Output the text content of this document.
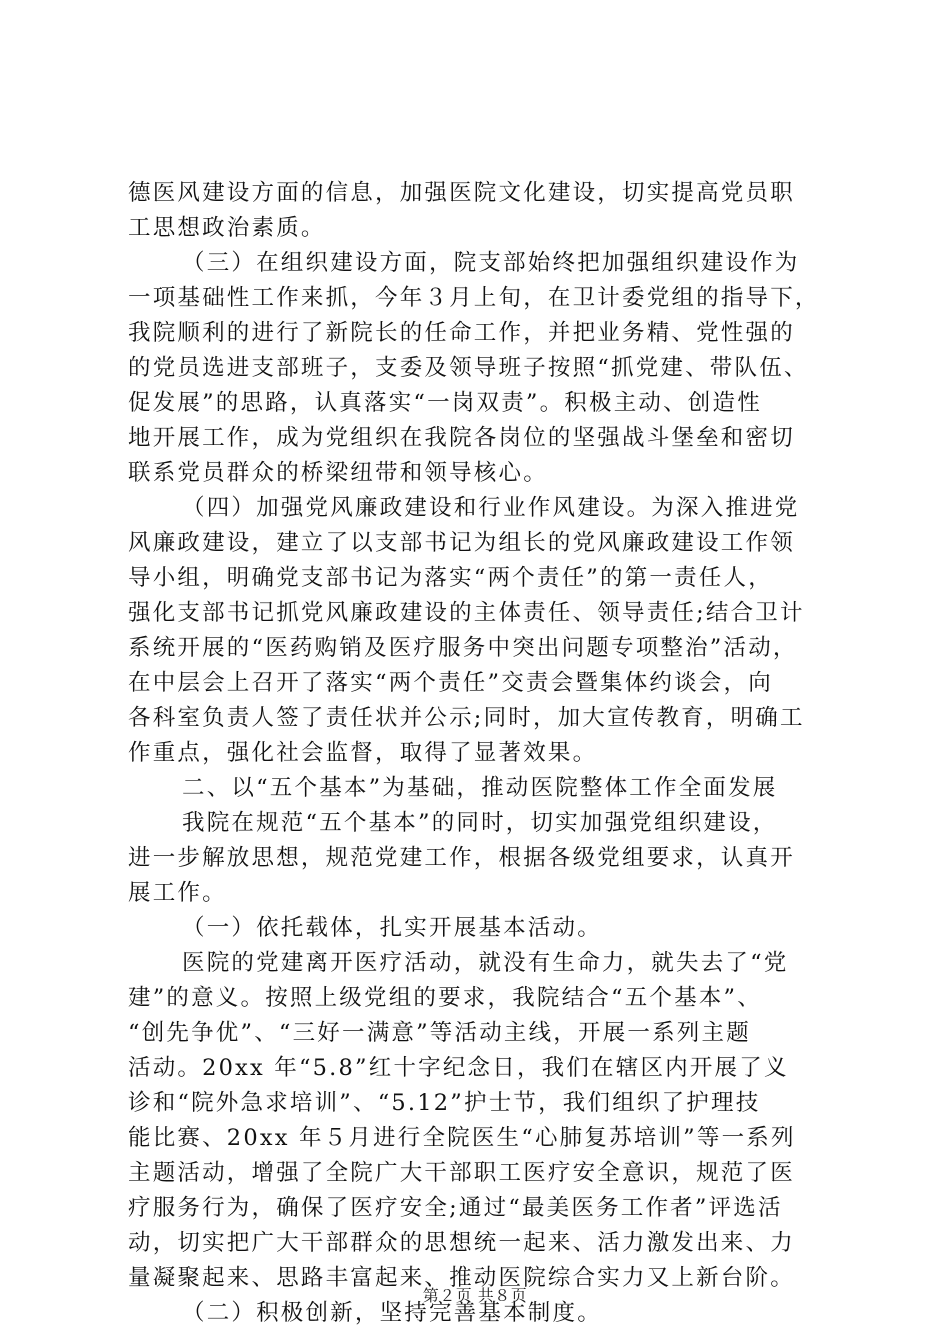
德医风建设方面的信息，加强医院文化建设，切实提高党员职
工思想政治素质。
（三）在组织建设方面，院支部始终把加强组织建设作为
一项基础性工作来抓，今年３月上旬，在卫计委党组的指导下，
我院顺利的进行了新院长的任命工作，并把业务精、党性强的
的党员选进支部班子，支委及领导班子按照“抓党建、带队伍、
促发展”的思路，认真落实“一岗双责”。积极主动、创造性
地开展工作，成为党组织在我院各岗位的坚强战斗堡垒和密切
联系党员群众的桥梁纽带和领导核心。
（四）加强党风廉政建设和行业作风建设。为深入推进党
风廉政建设，建立了以支部书记为组长的党风廉政建设工作领
导小组，明确党支部书记为落实“两个责任”的第一责任人，
强化支部书记抓党风廉政建设的主体责任、领导责任;结合卫计
系统开展的“医药购销及医疗服务中突出问题专项整治”活动，
在中层会上召开了落实“两个责任”交责会暨集体约谈会，向
各科室负责人签了责任状并公示;同时，加大宣传教育，明确工
作重点，强化社会监督，取得了显著效果。
二、以“五个基本”为基础，推动医院整体工作全面发展
我院在规范“五个基本”的同时，切实加强党组织建设，
进一步解放思想，规范党建工作，根据各级党组要求，认真开
展工作。
（一）依托载体，扎实开展基本活动。
医院的党建离开医疗活动，就没有生命力，就失去了“党
建”的意义。按照上级党组的要求，我院结合“五个基本”、
“创先争优”、“三好一满意”等活动主线，开展一系列主题
活动。20xx 年“5.8”红十字纪念日，我们在辖区内开展了义
诊和“院外急求培训”、“5.12”护士节，我们组织了护理技
能比赛、20xx 年５月进行全院医生“心肺复苏培训”等一系列
主题活动，增强了全院广大干部职工医疗安全意识，规范了医
疗服务行为，确保了医疗安全;通过“最美医务工作者”评选活
动，切实把广大干部群众的思想统一起来、活力激发出来、力
量凝聚起来、思路丰富起来、推动医院综合实力又上新台阶。
（二）积极创新，坚持完善基本制度。
第２页 共８页
